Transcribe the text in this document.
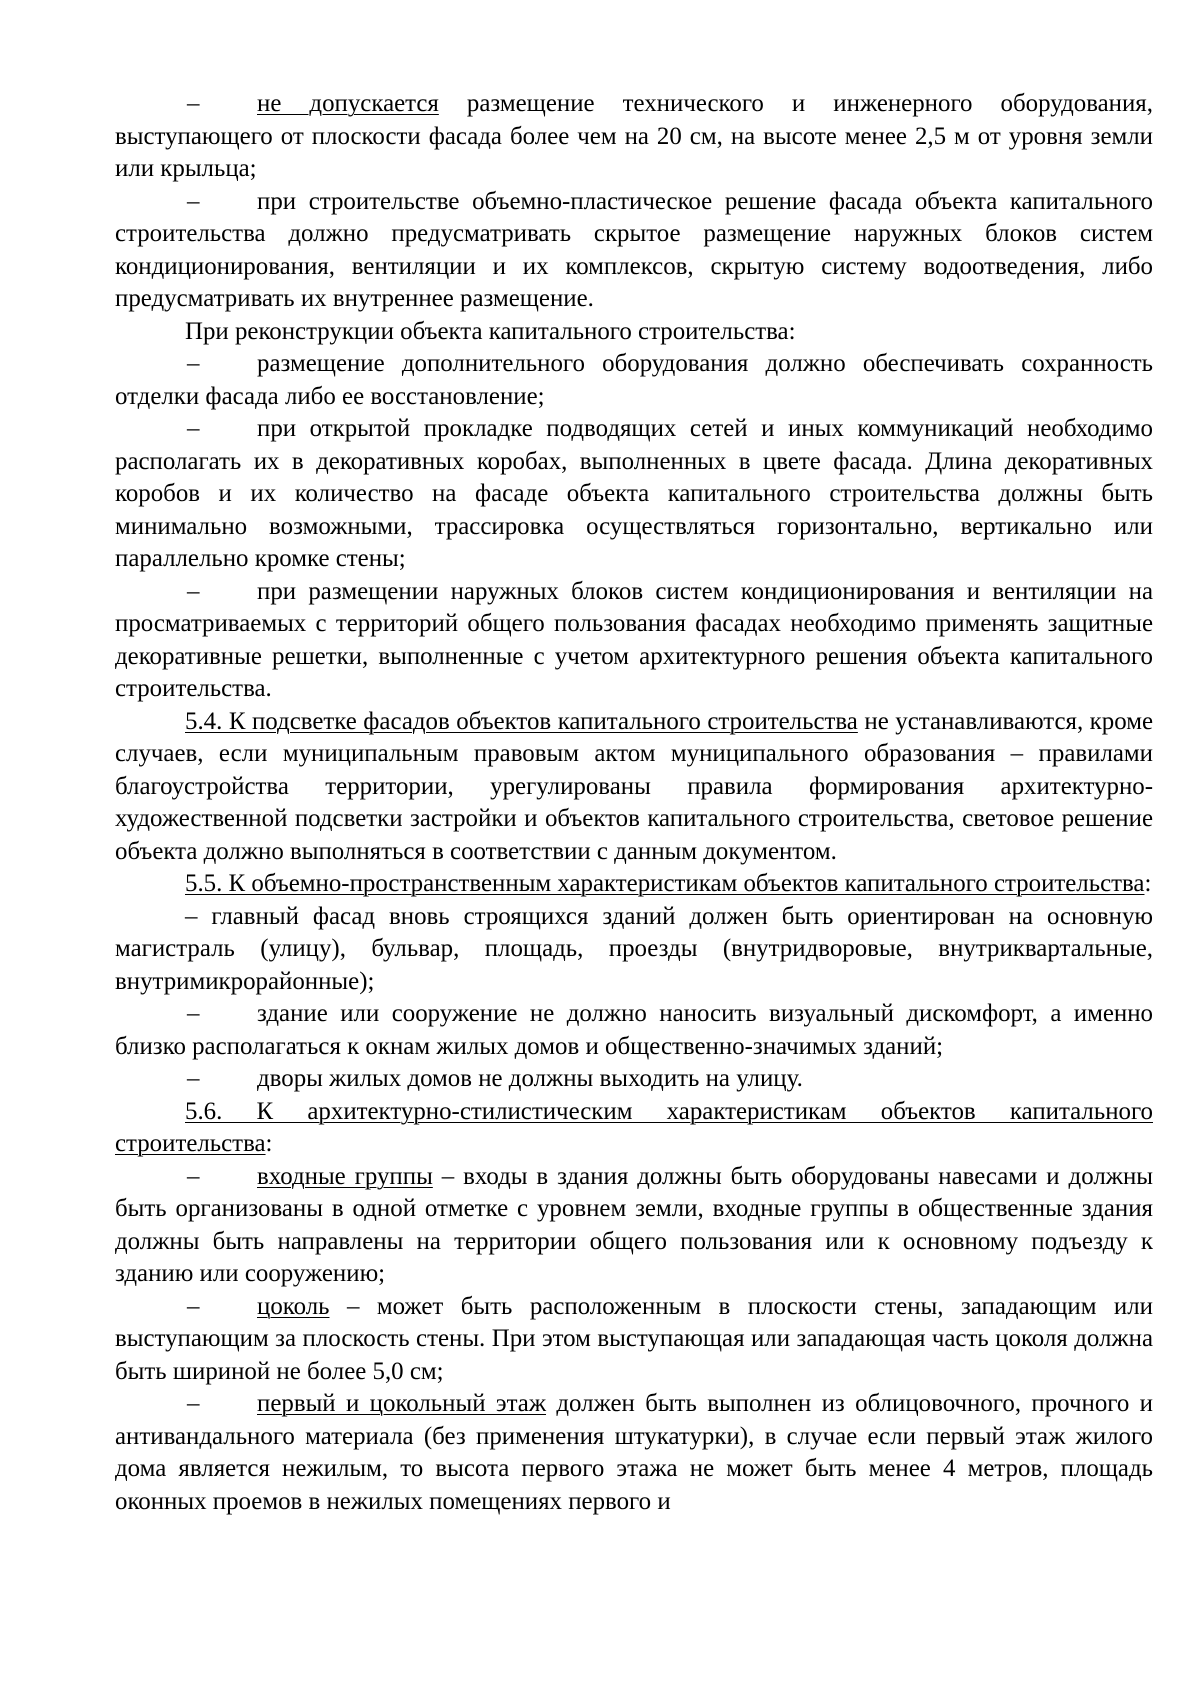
– не допускается размещение технического и инженерного оборудования, выступающего от плоскости фасада более чем на 20 см, на высоте менее 2,5 м от уровня земли или крыльца;

– при строительстве объемно-пластическое решение фасада объекта капитального строительства должно предусматривать скрытое размещение наружных блоков систем кондиционирования, вентиляции и их комплексов, скрытую систему водоотведения, либо предусматривать их внутреннее размещение.

При реконструкции объекта капитального строительства:

– размещение дополнительного оборудования должно обеспечивать сохранность отделки фасада либо ее восстановление;

– при открытой прокладке подводящих сетей и иных коммуникаций необходимо располагать их в декоративных коробах, выполненных в цвете фасада. Длина декоративных коробов и их количество на фасаде объекта капитального строительства должны быть минимально возможными, трассировка осуществляться горизонтально, вертикально или параллельно кромке стены;

– при размещении наружных блоков систем кондиционирования и вентиляции на просматриваемых с территорий общего пользования фасадах необходимо применять защитные декоративные решетки, выполненные с учетом архитектурного решения объекта капитального строительства.

5.4. К подсветке фасадов объектов капитального строительства не устанавливаются, кроме случаев, если муниципальным правовым актом муниципального образования – правилами благоустройства территории, урегулированы правила формирования архитектурно-художественной подсветки застройки и объектов капитального строительства, световое решение объекта должно выполняться в соответствии с данным документом.

5.5. К объемно-пространственным характеристикам объектов капитального строительства:

– главный фасад вновь строящихся зданий должен быть ориентирован на основную магистраль (улицу), бульвар, площадь, проезды (внутридворовые, внутриквартальные, внутримикрорайонные);

– здание или сооружение не должно наносить визуальный дискомфорт, а именно близко располагаться к окнам жилых домов и общественно-значимых зданий;

– дворы жилых домов не должны выходить на улицу.

5.6. К архитектурно-стилистическим характеристикам объектов капитального строительства:

– входные группы – входы в здания должны быть оборудованы навесами и должны быть организованы в одной отметке с уровнем земли, входные группы в общественные здания должны быть направлены на территории общего пользования или к основному подъезду к зданию или сооружению;

– цоколь – может быть расположенным в плоскости стены, западающим или выступающим за плоскость стены. При этом выступающая или западающая часть цоколя должна быть шириной не более 5,0 см;

– первый и цокольный этаж должен быть выполнен из облицовочного, прочного и антивандального материала (без применения штукатурки), в случае если первый этаж жилого дома является нежилым, то высота первого этажа не может быть менее 4 метров, площадь оконных проемов в нежилых помещениях первого и
